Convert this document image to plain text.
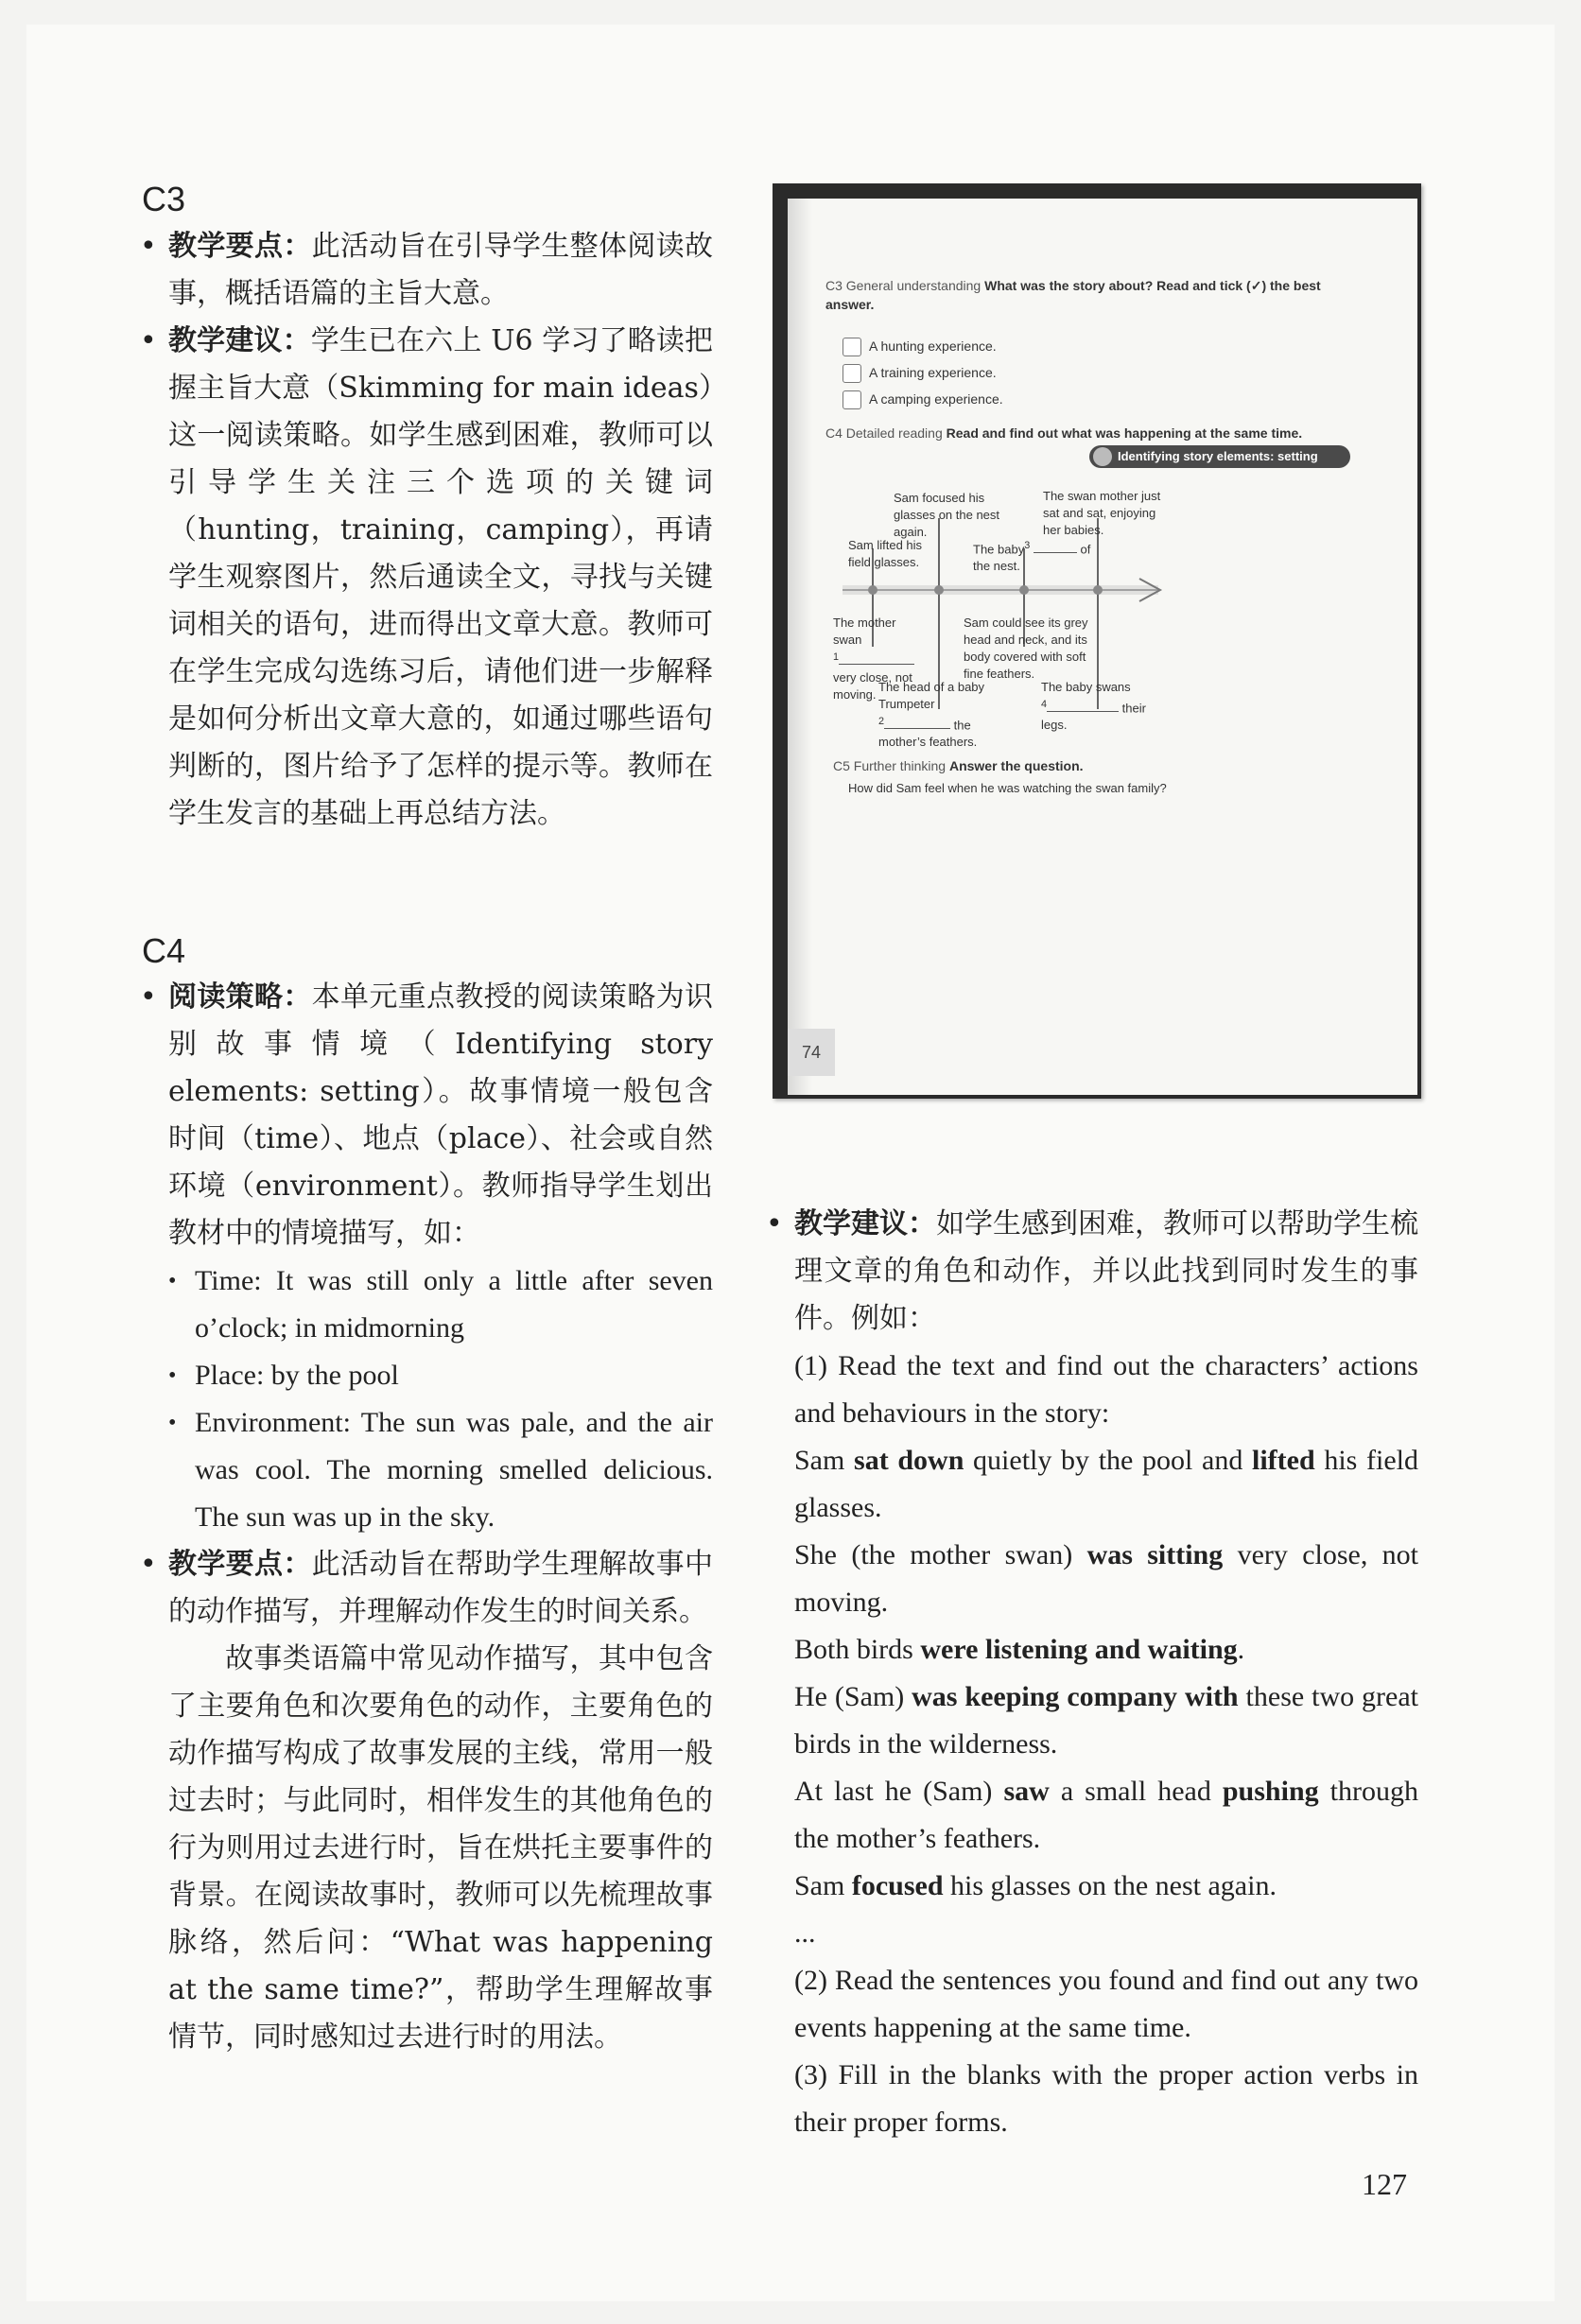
C3
• 教学要点：此活动旨在引导学生整体阅读故事，概括语篇的主旨大意。
• 教学建议：学生已在六上 U6 学习了略读把握主旨大意（Skimming for main ideas）这一阅读策略。如学生感到困难，教师可以引导学生关注三个选项的关键词（hunting，training，camping），再请学生观察图片，然后通读全文，寻找与关键词相关的语句，进而得出文章大意。教师可在学生完成勾选练习后，请他们进一步解释是如何分析出文章大意的，如通过哪些语句判断的，图片给予了怎样的提示等。教师在学生发言的基础上再总结方法。
C4
• 阅读策略：本单元重点教授的阅读策略为识别故事情境（Identifying story elements: setting）。故事情境一般包含时间（time）、地点（place）、社会或自然环境（environment）。教师指导学生划出教材中的情境描写，如：
• Time: It was still only a little after seven o’clock; in midmorning
• Place: by the pool
• Environment: The sun was pale, and the air was cool. The morning smelled delicious. The sun was up in the sky.
• 教学要点：此活动旨在帮助学生理解故事中的动作描写，并理解动作发生的时间关系。
故事类语篇中常见动作描写，其中包含了主要角色和次要角色的动作，主要角色的动作描写构成了故事发展的主线，常用一般过去时；与此同时，相伴发生的其他角色的行为则用过去进行时，旨在烘托主要事件的背景。在阅读故事时，教师可以先梳理故事脉络，然后问：“What was happening at the same time?”，帮助学生理解故事情节，同时感知过去进行时的用法。
• 教学建议：如学生感到困难，教师可以帮助学生梳理文章的角色和动作，并以此找到同时发生的事件。例如：
(1) Read the text and find out the characters’ actions and behaviours in the story:
Sam sat down quietly by the pool and lifted his field glasses.
She (the mother swan) was sitting very close, not moving.
Both birds were listening and waiting.
He (Sam) was keeping company with these two great birds in the wilderness.
At last he (Sam) saw a small head pushing through the mother’s feathers.
Sam focused his glasses on the nest again.
...
(2) Read the sentences you found and find out any two events happening at the same time.
(3) Fill in the blanks with the proper action verbs in their proper forms.
127
C3 General understanding What was the story about? Read and tick (✓) the best answer.
A hunting experience.
A training experience.
A camping experience.
C4 Detailed reading Read and find out what was happening at the same time.
Identifying story elements: setting
Sam focused his glasses on the nest again.
The swan mother just sat and sat, enjoying her babies.
Sam lifted his field glasses.
The baby$^3$	of the nest.
The mother swan
$^1$
very close, not moving.
Sam could see its grey head and neck, and its body covered with soft fine feathers.
The head of a baby Trumpeter
$^2$	the mother’s feathers.
The baby swans
$^4$	their legs.
C5 Further thinking Answer the question.
How did Sam feel when he was watching the swan family?
74
